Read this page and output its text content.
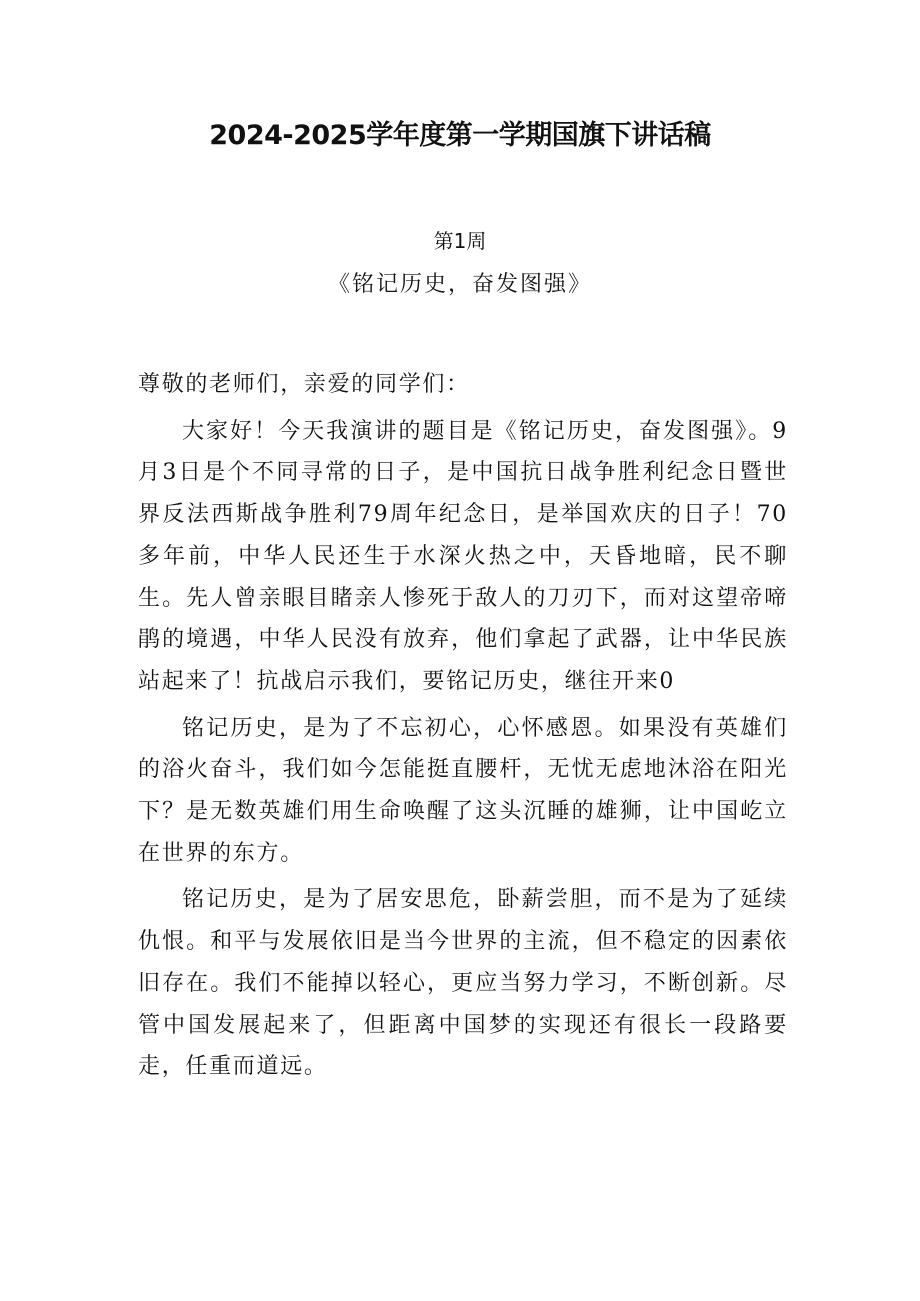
2024-2025学年度第一学期国旗下讲话稿
第1周
《铭记历史，奋发图强》

尊敬的老师们，亲爱的同学们：

大家好！今天我演讲的题目是《铭记历史，奋发图强》。9月3日是个不同寻常的日子，是中国抗日战争胜利纪念日暨世界反法西斯战争胜利79周年纪念日，是举国欢庆的日子！70多年前，中华人民还生于水深火热之中，天昏地暗，民不聊生。先人曾亲眼目睹亲人惨死于敌人的刀刃下，而对这望帝啼鹃的境遇，中华人民没有放弃，他们拿起了武器，让中华民族站起来了！抗战启示我们，要铭记历史，继往开来0

铭记历史，是为了不忘初心，心怀感恩。如果没有英雄们的浴火奋斗，我们如今怎能挺直腰杆，无忧无虑地沐浴在阳光下？是无数英雄们用生命唤醒了这头沉睡的雄狮，让中国屹立在世界的东方。

铭记历史，是为了居安思危，卧薪尝胆，而不是为了延续仇恨。和平与发展依旧是当今世界的主流，但不稳定的因素依旧存在。我们不能掉以轻心，更应当努力学习，不断创新。尽管中国发展起来了，但距离中国梦的实现还有很长一段路要走，任重而道远。
